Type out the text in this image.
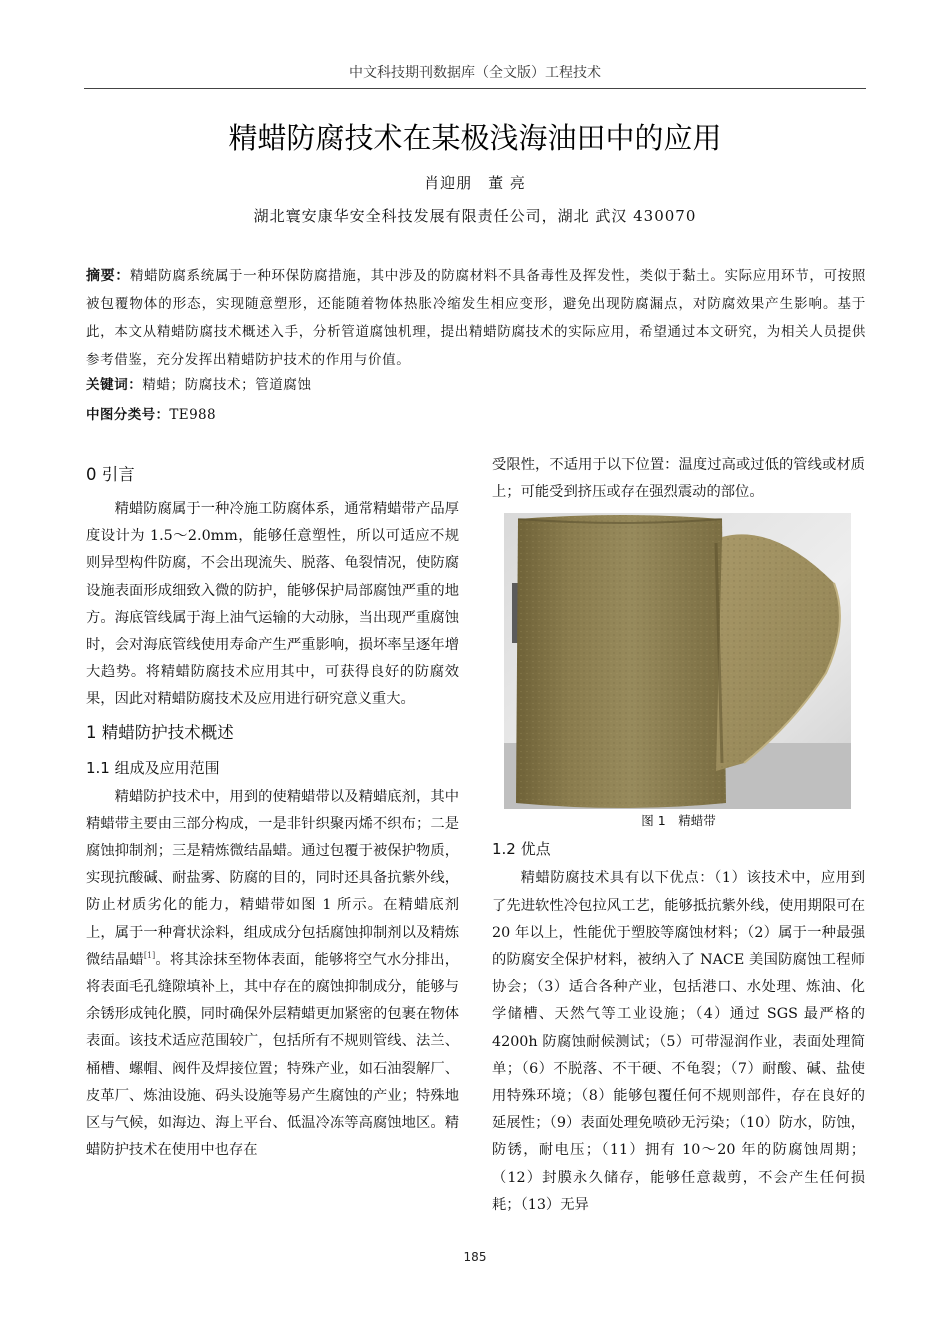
中文科技期刊数据库（全文版）工程技术
精蜡防腐技术在某极浅海油田中的应用
肖迎朋　董 亮
湖北寰安康华安全科技发展有限责任公司，湖北 武汉 430070
摘要：精蜡防腐系统属于一种环保防腐措施，其中涉及的防腐材料不具备毒性及挥发性，类似于黏土。实际应用环节，可按照被包覆物体的形态，实现随意塑形，还能随着物体热胀冷缩发生相应变形，避免出现防腐漏点，对防腐效果产生影响。基于此，本文从精蜡防腐技术概述入手，分析管道腐蚀机理，提出精蜡防腐技术的实际应用，希望通过本文研究，为相关人员提供参考借鉴，充分发挥出精蜡防护技术的作用与价值。
关键词：精蜡；防腐技术；管道腐蚀
中图分类号：TE988
0 引言

精蜡防腐属于一种冷施工防腐体系，通常精蜡带产品厚度设计为 1.5～2.0mm，能够任意塑性，所以可适应不规则异型构件防腐，不会出现流失、脱落、龟裂情况，使防腐设施表面形成细致入微的防护，能够保护局部腐蚀严重的地方。海底管线属于海上油气运输的大动脉，当出现严重腐蚀时，会对海底管线使用寿命产生严重影响，损坏率呈逐年增大趋势。将精蜡防腐技术应用其中，可获得良好的防腐效果，因此对精蜡防腐技术及应用进行研究意义重大。

1 精蜡防护技术概述
1.1 组成及应用范围

精蜡防护技术中，用到的使精蜡带以及精蜡底剂，其中精蜡带主要由三部分构成，一是非针织聚丙烯不织布；二是腐蚀抑制剂；三是精炼微结晶蜡。通过包覆于被保护物质，实现抗酸碱、耐盐雾、防腐的目的，同时还具备抗紫外线，防止材质劣化的能力，精蜡带如图 1 所示。在精蜡底剂上，属于一种膏状涂料，组成成分包括腐蚀抑制剂以及精炼微结晶蜡[1]。将其涂抹至物体表面，能够将空气水分排出，将表面毛孔缝隙填补上，其中存在的腐蚀抑制成分，能够与余锈形成钝化膜，同时确保外层精蜡更加紧密的包裹在物体表面。该技术适应范围较广，包括所有不规则管线、法兰、桶槽、螺帽、阀件及焊接位置；特殊产业，如石油裂解厂、皮革厂、炼油设施、码头设施等易产生腐蚀的产业；特殊地区与气候，如海边、海上平台、低温冷冻等高腐蚀地区。精蜡防护技术在使用中也存在

受限性，不适用于以下位置：温度过高或过低的管线或材质上；可能受到挤压或存在强烈震动的部位。

图 1　精蜡带
1.2 优点

精蜡防腐技术具有以下优点：（1）该技术中，应用到了先进软性冷包拉风工艺，能够抵抗紫外线，使用期限可在 20 年以上，性能优于塑胶等腐蚀材料；（2）属于一种最强的防腐安全保护材料，被纳入了 NACE 美国防腐蚀工程师协会；（3）适合各种产业，包括港口、水处理、炼油、化学储槽、天然气等工业设施；（4）通过 SGS 最严格的 4200h 防腐蚀耐候测试；（5）可带湿润作业，表面处理简单；（6）不脱落、不干硬、不龟裂；（7）耐酸、碱、盐使用特殊环境；（8）能够包覆任何不规则部件，存在良好的延展性；（9）表面处理免喷砂无污染；（10）防水，防蚀，防锈，耐电压；（11）拥有 10～20 年的防腐蚀周期；（12）封膜永久储存，能够任意裁剪，不会产生任何损耗；（13）无异

185
